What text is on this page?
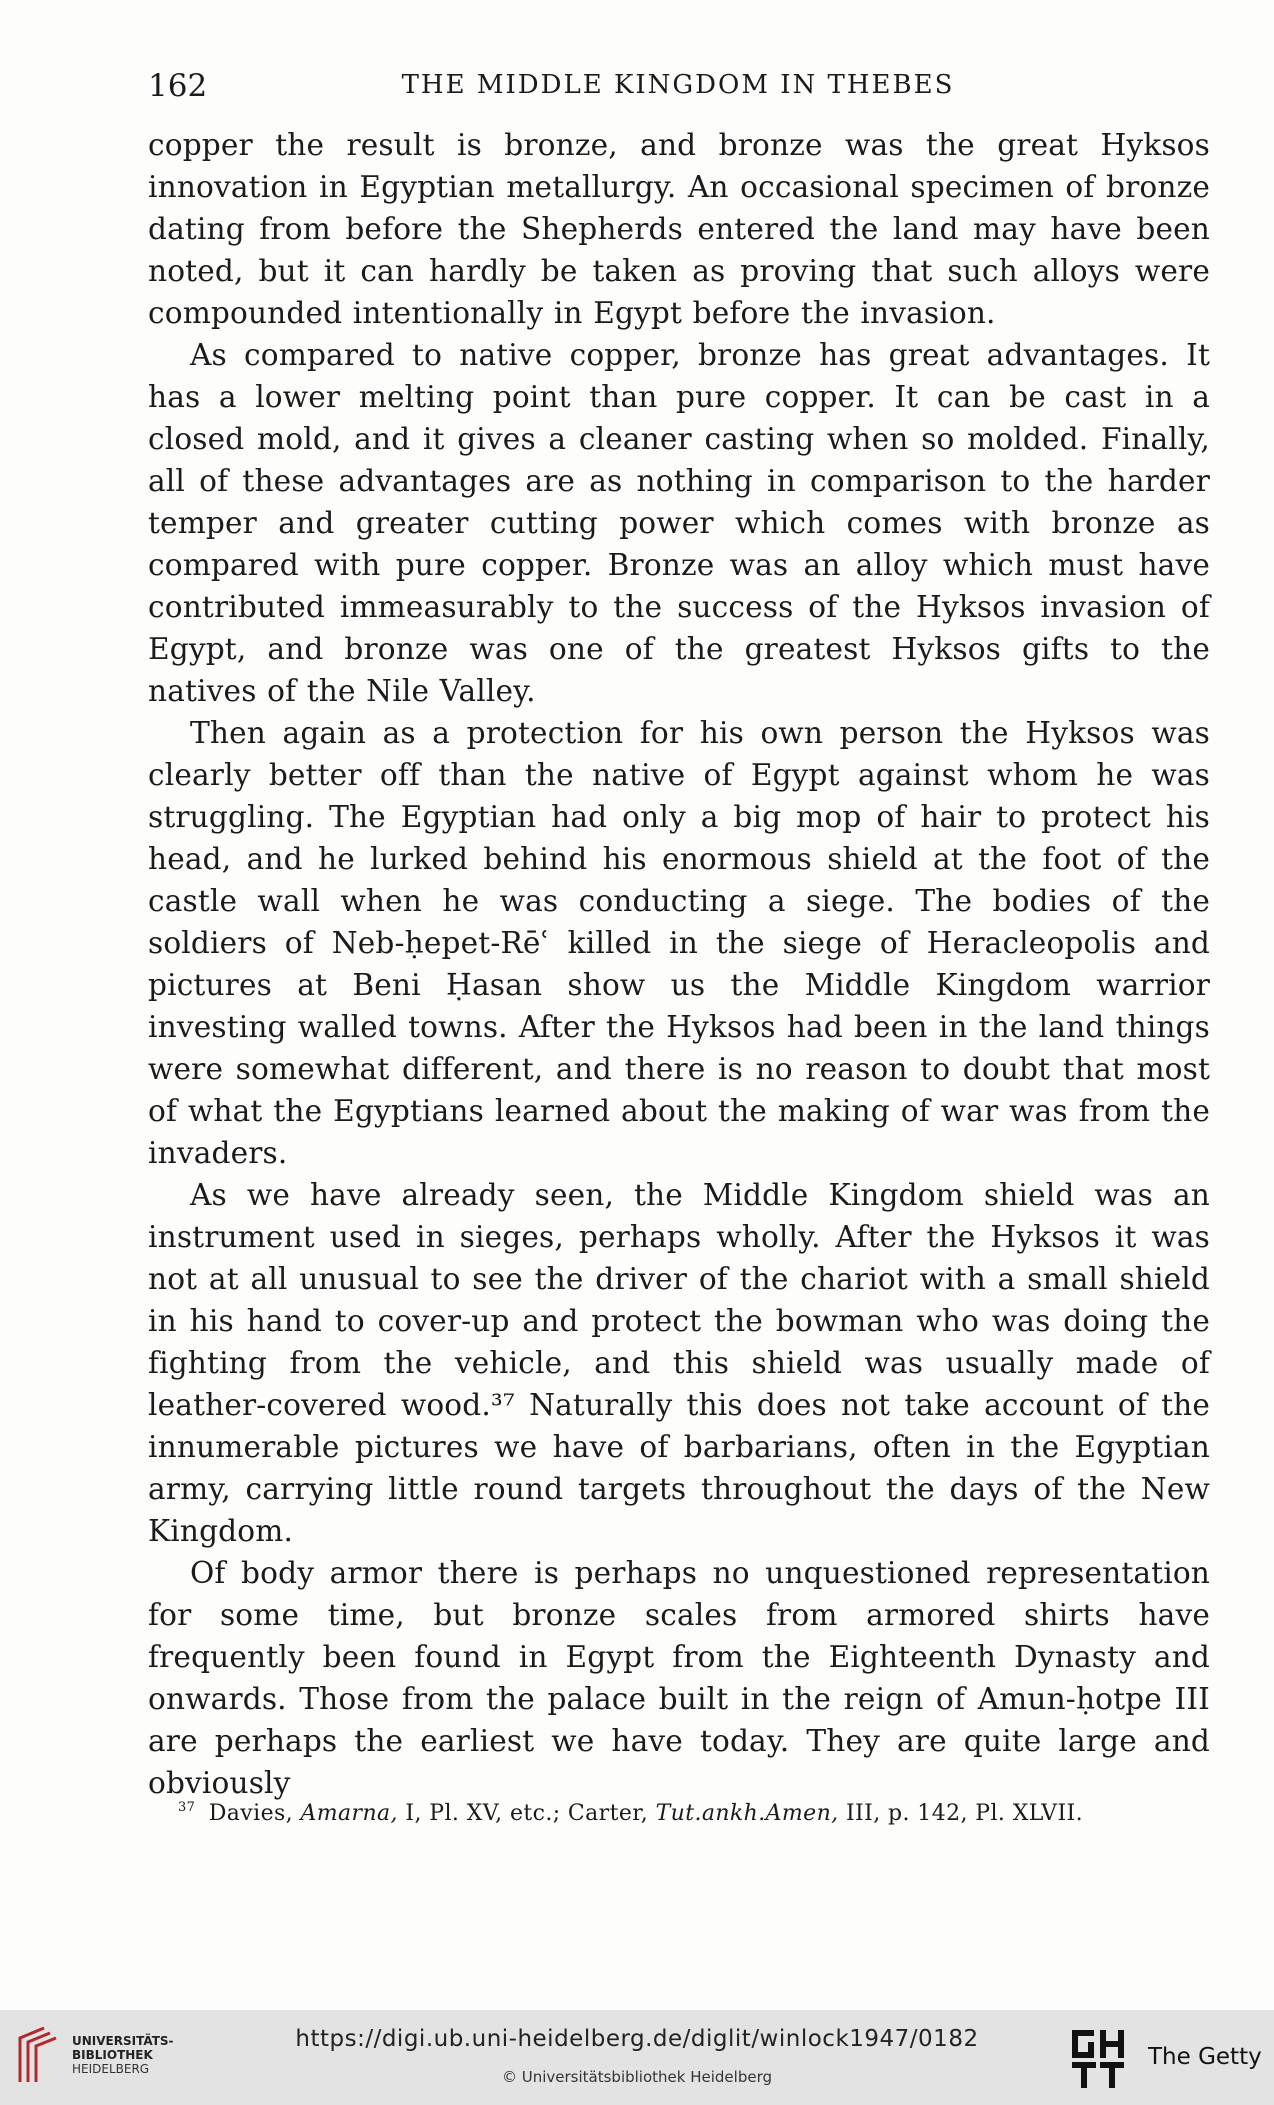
162	THE MIDDLE KINGDOM IN THEBES

copper the result is bronze, and bronze was the great Hyksos innovation in Egyptian metallurgy. An occasional specimen of bronze dating from before the Shepherds entered the land may have been noted, but it can hardly be taken as proving that such alloys were compounded intentionally in Egypt before the invasion.

As compared to native copper, bronze has great advantages. It has a lower melting point than pure copper. It can be cast in a closed mold, and it gives a cleaner casting when so molded. Finally, all of these advantages are as nothing in comparison to the harder temper and greater cutting power which comes with bronze as compared with pure copper. Bronze was an alloy which must have contributed immeasurably to the success of the Hyksos invasion of Egypt, and bronze was one of the greatest Hyksos gifts to the natives of the Nile Valley.

Then again as a protection for his own person the Hyksos was clearly better off than the native of Egypt against whom he was struggling. The Egyptian had only a big mop of hair to protect his head, and he lurked behind his enormous shield at the foot of the castle wall when he was conducting a siege. The bodies of the soldiers of Neb-ḥepet-Rēʿ killed in the siege of Heracleopolis and pictures at Beni Ḥasan show us the Middle Kingdom warrior investing walled towns. After the Hyksos had been in the land things were somewhat different, and there is no reason to doubt that most of what the Egyptians learned about the making of war was from the invaders.

As we have already seen, the Middle Kingdom shield was an instrument used in sieges, perhaps wholly. After the Hyksos it was not at all unusual to see the driver of the chariot with a small shield in his hand to cover-up and protect the bowman who was doing the fighting from the vehicle, and this shield was usually made of leather-covered wood.³⁷ Naturally this does not take account of the innumerable pictures we have of barbarians, often in the Egyptian army, carrying little round targets throughout the days of the New Kingdom.

Of body armor there is perhaps no unquestioned representation for some time, but bronze scales from armored shirts have frequently been found in Egypt from the Eighteenth Dynasty and onwards. Those from the palace built in the reign of Amun-ḥotpe III are perhaps the earliest we have today. They are quite large and obviously

$^{37}$ Davies, Amarna, I, Pl. XV, etc.; Carter, Tut.ankh.Amen, III, p. 142, Pl. XLVII.
UNIVERSITÄTS-
BIBLIOTHEK
HEIDELBERG
https://digi.ub.uni-heidelberg.de/diglit/winlock1947/0182
© Universitätsbibliothek Heidelberg
The Getty
